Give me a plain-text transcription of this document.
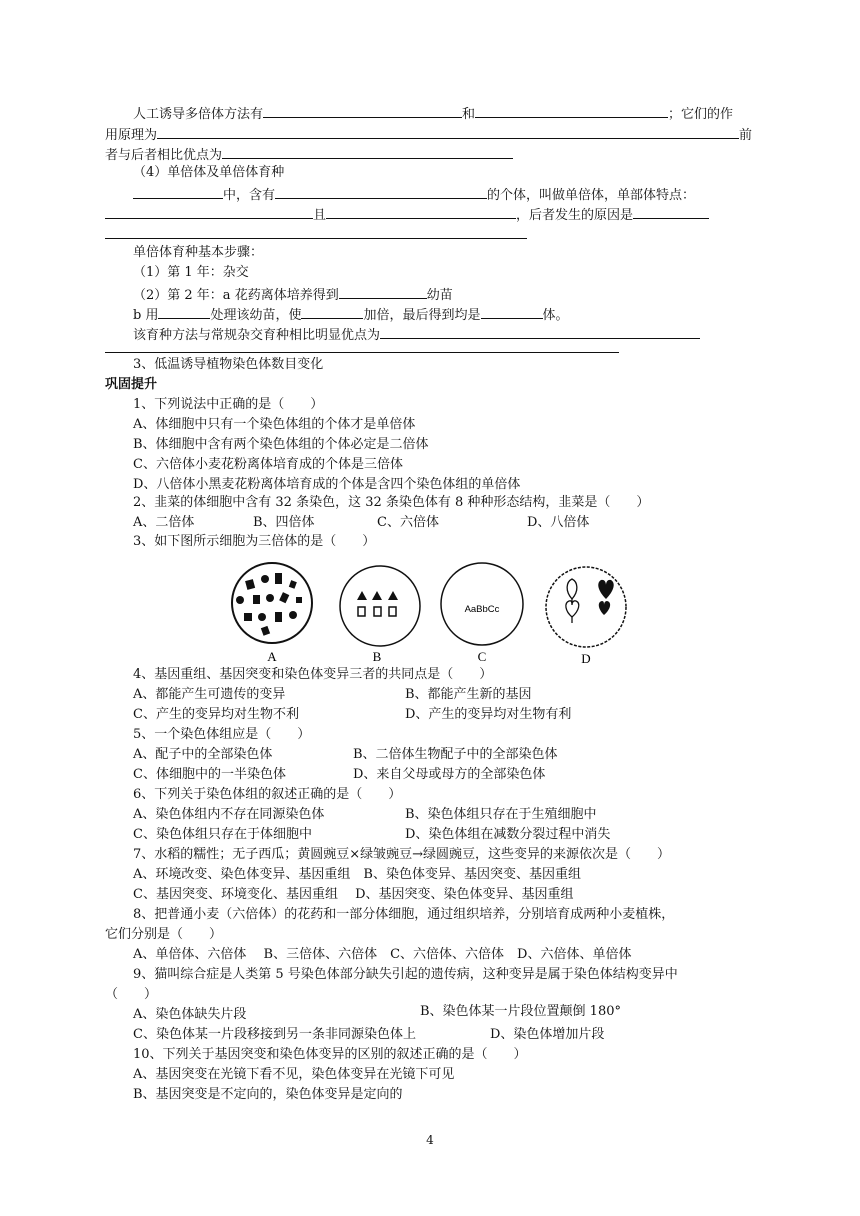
人工诱导多倍体方法有	和	；它们的作
用原理为	前
者与后者相比优点为
（4）单倍体及单倍体育种
中，含有	的个体，叫做单倍体，单部体特点：
且	，后者发生的原因是
单倍体育种基本步骤：
（1）第 1 年：杂交
（2）第 2 年：a 花药离体培养得到	幼苗
b 用	处理该幼苗，使	加倍，最后得到均是	体。
该育种方法与常规杂交育种相比明显优点为
3、低温诱导植物染色体数目变化
巩固提升
1、下列说法中正确的是（　　）
A、体细胞中只有一个染色体组的个体才是单倍体
B、体细胞中含有两个染色体组的个体必定是二倍体
C、六倍体小麦花粉离体培育成的个体是三倍体
D、八倍体小黑麦花粉离体培育成的个体是含四个染色体组的单倍体
2、韭菜的体细胞中含有 32 条染色，这 32 条染色体有 8 种种形态结构，韭菜是（　　）
A、二倍体	B、四倍体	C、六倍体	D、八倍体
3、如下图所示细胞为三倍体的是（　　）
A	B
AaBbCc
C	D
4、基因重组、基因突变和染色体变异三者的共同点是（　　）
A、都能产生可遗传的变异	B、都能产生新的基因
C、产生的变异均对生物不利	D、产生的变异均对生物有利
5、一个染色体组应是（　　）
A、配子中的全部染色体	B、二倍体生物配子中的全部染色体
C、体细胞中的一半染色体	D、来自父母或母方的全部染色体
6、下列关于染色体组的叙述正确的是（　　）
A、染色体组内不存在同源染色体	B、染色体组只存在于生殖细胞中
C、染色体组只存在于体细胞中	D、染色体组在减数分裂过程中消失
7、水稻的糯性；无子西瓜；黄圆豌豆×绿皱豌豆→绿圆豌豆，这些变异的来源依次是（　　）
A、环境改变、染色体变异、基因重组　B、染色体变异、基因突变、基因重组
C、基因突变、环境变化、基因重组　 D、基因突变、染色体变异、基因重组
8、把普通小麦（六倍体）的花药和一部分体细胞，通过组织培养，分别培育成两种小麦植株，
它们分别是（　　）
A、单倍体、六倍体　 B、三倍体、六倍体　C、六倍体、六倍体　D、六倍体、单倍体
9、猫叫综合症是人类第 5 号染色体部分缺失引起的遗传病，这种变异是属于染色体结构变异中
（　　）
A、染色体缺失片段	B、染色体某一片段位置颠倒 180°
C、染色体某一片段移接到另一条非同源染色体上	D、染色体增加片段
10、下列关于基因突变和染色体变异的区别的叙述正确的是（　　）
A、基因突变在光镜下看不见，染色体变异在光镜下可见
B、基因突变是不定向的，染色体变异是定向的
4
